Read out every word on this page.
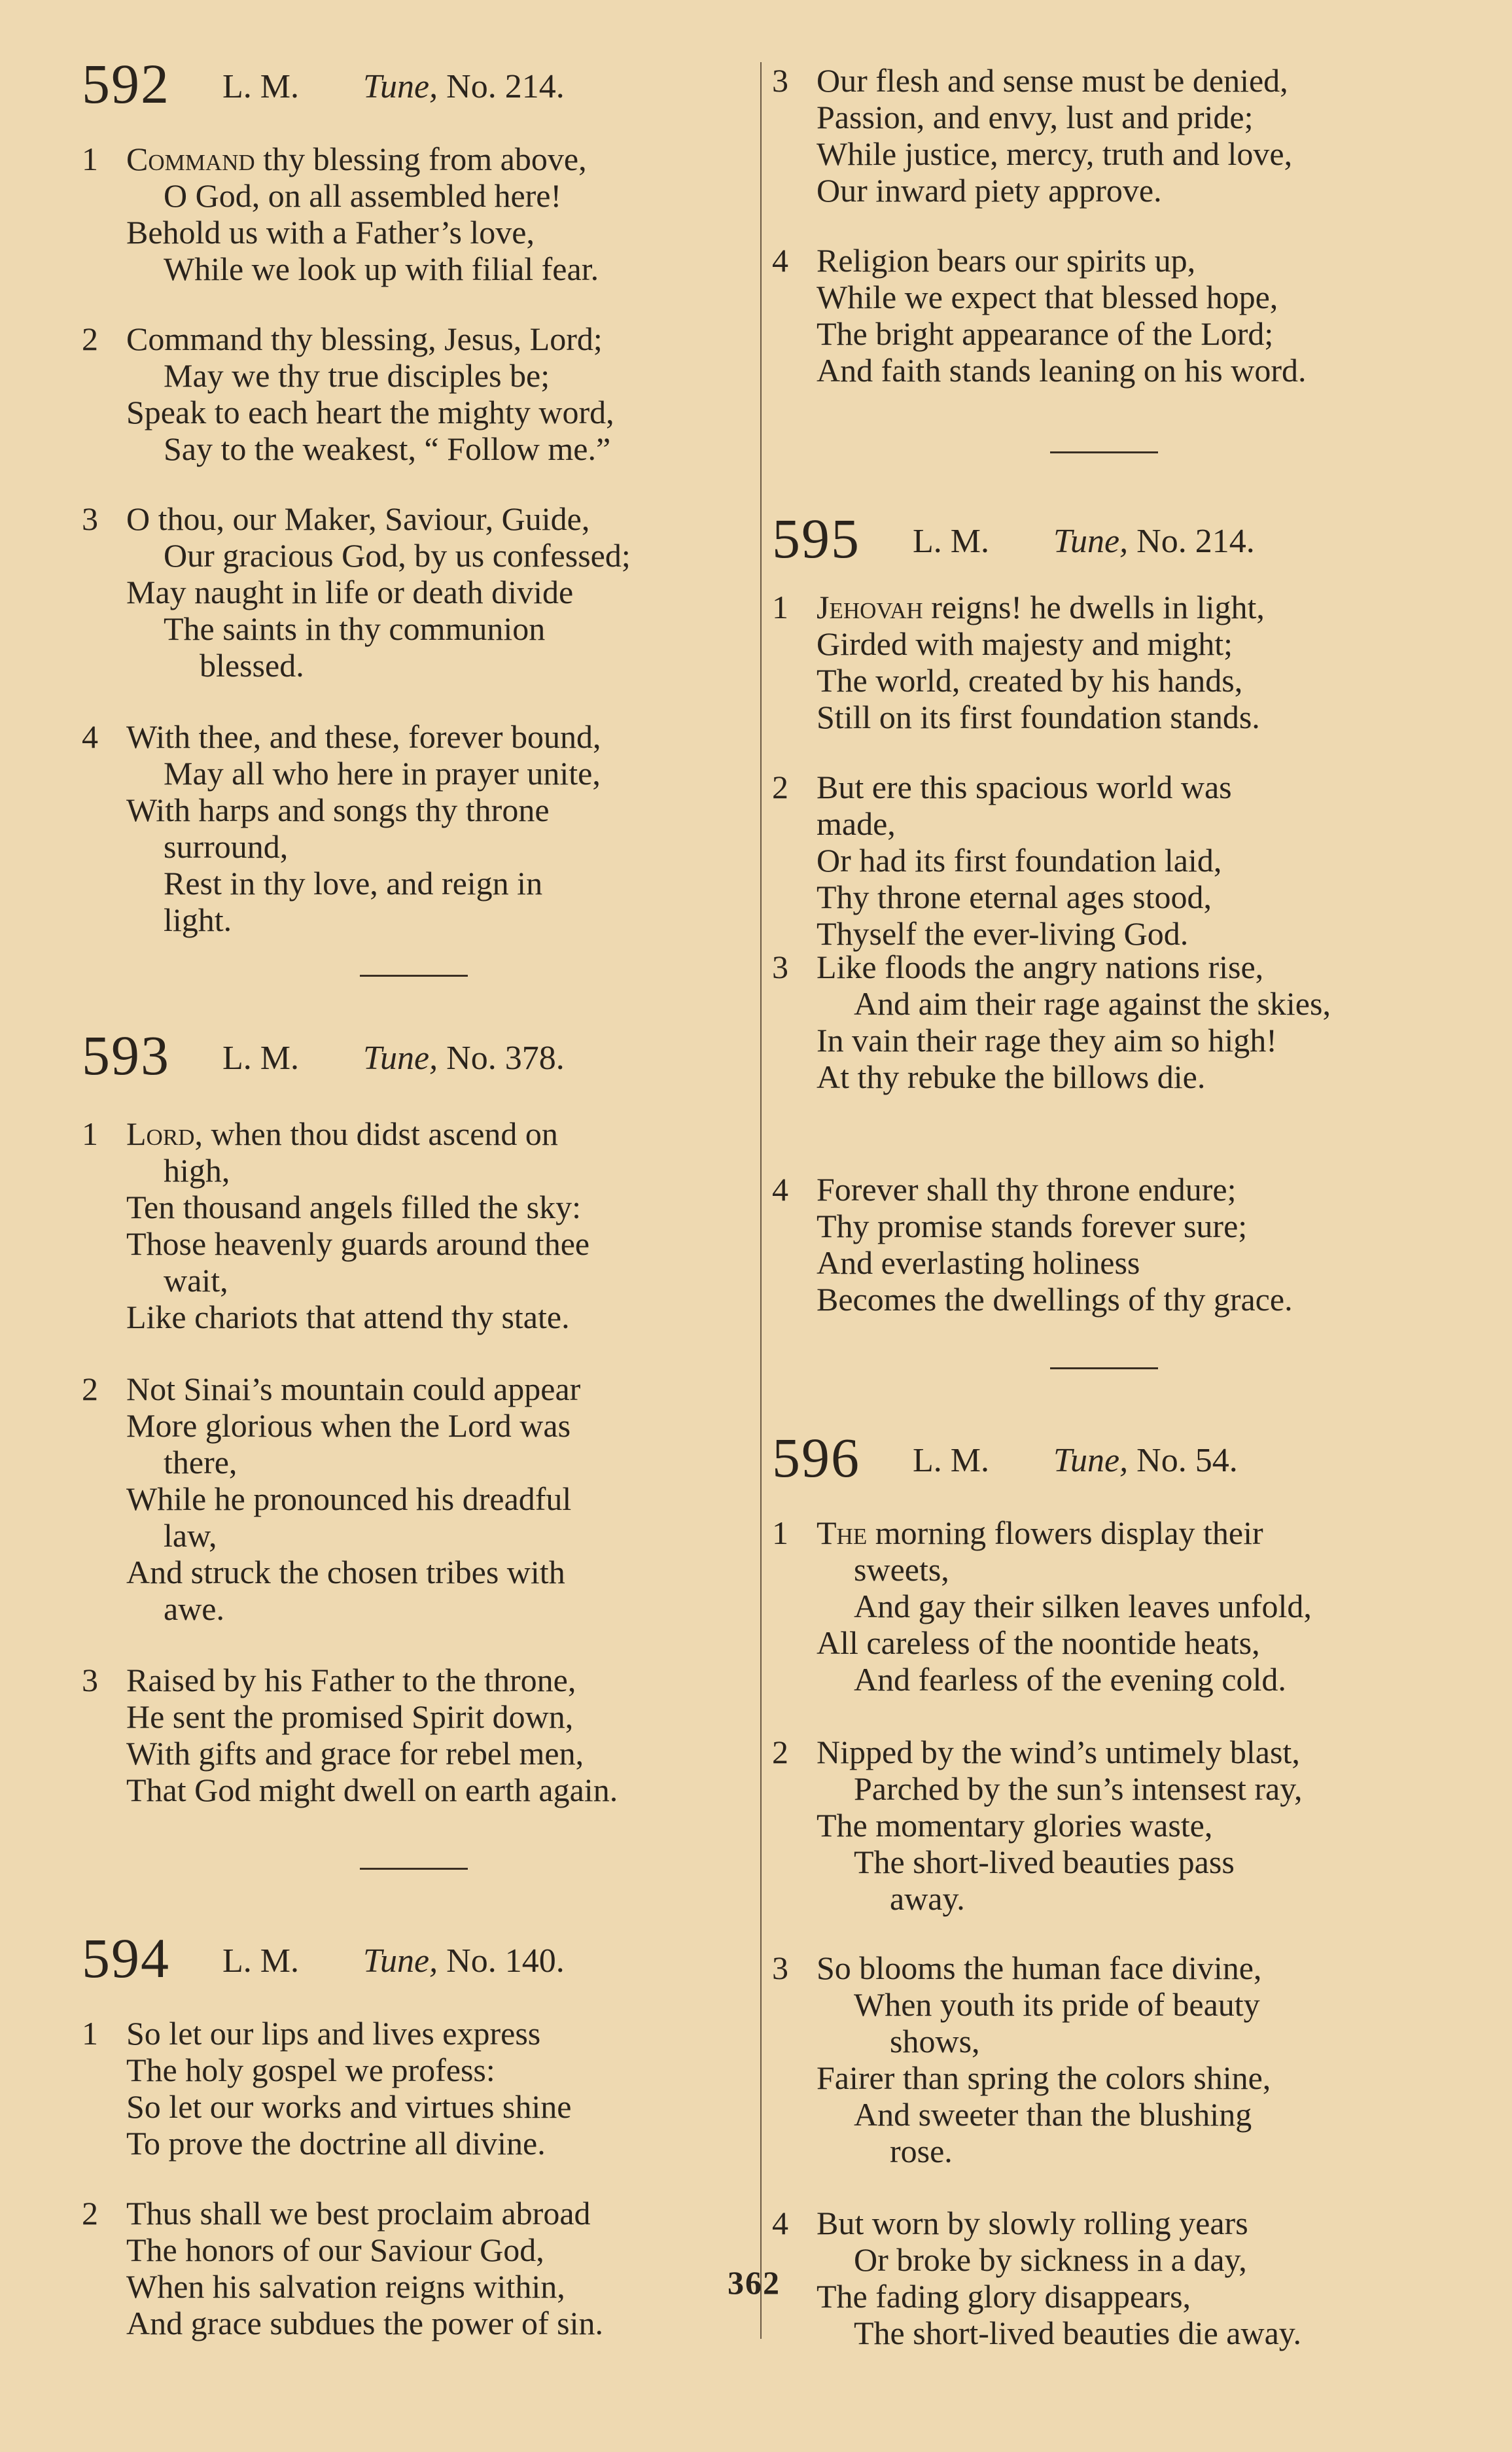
592 L. M. Tune, No. 214.
1 Command thy blessing from above,
O God, on all assembled here!
Behold us with a Father’s love,
While we look up with filial fear.
2 Command thy blessing, Jesus, Lord;
May we thy true disciples be;
Speak to each heart the mighty word,
Say to the weakest, “ Follow me.”
3 O thou, our Maker, Saviour, Guide,
Our gracious God, by us confessed;
May naught in life or death divide
The saints in thy communion
blessed.
4 With thee, and these, forever bound,
May all who here in prayer unite,
With harps and songs thy throne
surround,
Rest in thy love, and reign in
light.
593 L. M. Tune, No. 378.
1 Lord, when thou didst ascend on
high,
Ten thousand angels filled the sky:
Those heavenly guards around thee
wait,
Like chariots that attend thy state.
2 Not Sinai’s mountain could appear
More glorious when the Lord was
there,
While he pronounced his dreadful
law,
And struck the chosen tribes with
awe.
3 Raised by his Father to the throne,
He sent the promised Spirit down,
With gifts and grace for rebel men,
That God might dwell on earth again.
594 L. M. Tune, No. 140.
1 So let our lips and lives express
The holy gospel we profess:
So let our works and virtues shine
To prove the doctrine all divine.
2 Thus shall we best proclaim abroad
The honors of our Saviour God,
When his salvation reigns within,
And grace subdues the power of sin.
3 Our flesh and sense must be denied,
Passion, and envy, lust and pride;
While justice, mercy, truth and love,
Our inward piety approve.
4 Religion bears our spirits up,
While we expect that blessed hope,
The bright appearance of the Lord;
And faith stands leaning on his word.
595 L. M. Tune, No. 214.
1 Jehovah reigns! he dwells in light,
Girded with majesty and might;
The world, created by his hands,
Still on its first foundation stands.
2 But ere this spacious world was
made,
Or had its first foundation laid,
Thy throne eternal ages stood,
Thyself the ever-living God.
3 Like floods the angry nations rise,
And aim their rage against the skies,
In vain their rage they aim so high!
At thy rebuke the billows die.
4 Forever shall thy throne endure;
Thy promise stands forever sure;
And everlasting holiness
Becomes the dwellings of thy grace.
596 L. M. Tune, No. 54.
1 The morning flowers display their
sweets,
And gay their silken leaves unfold,
All careless of the noontide heats,
And fearless of the evening cold.
2 Nipped by the wind’s untimely blast,
Parched by the sun’s intensest ray,
The momentary glories waste,
The short-lived beauties pass
away.
3 So blooms the human face divine,
When youth its pride of beauty
shows,
Fairer than spring the colors shine,
And sweeter than the blushing
rose.
4 But worn by slowly rolling years
Or broke by sickness in a day,
The fading glory disappears,
The short-lived beauties die away.
362
